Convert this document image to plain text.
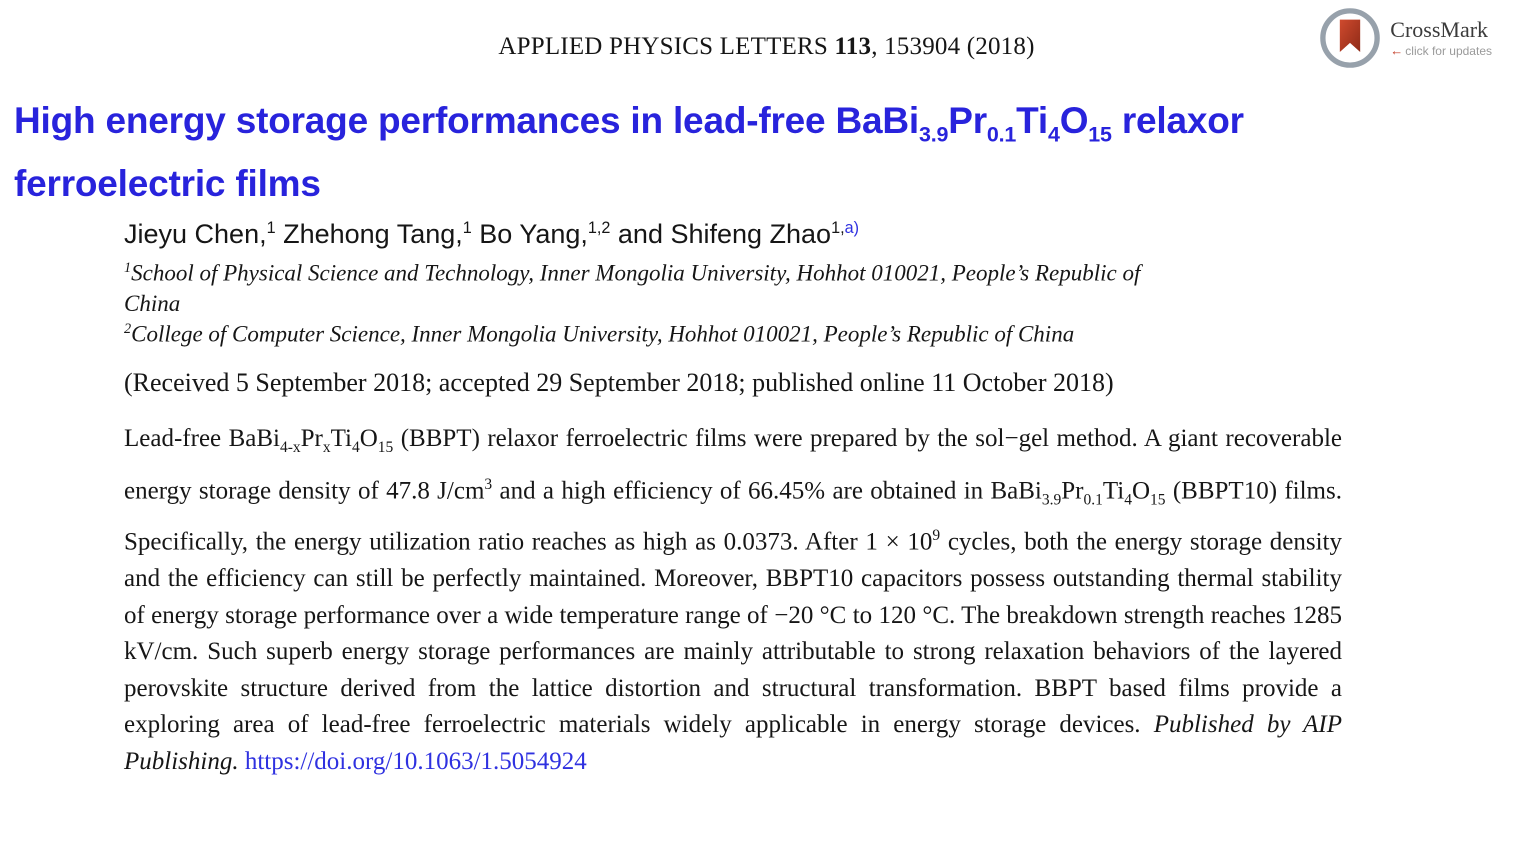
APPLIED PHYSICS LETTERS 113, 153904 (2018)
CrossMark
← click for updates
High energy storage performances in lead-free $BaBi_{3.9}Pr_{0.1}Ti_4O_{15}$ relaxor
ferroelectric films

Jieyu Chen,$^1$ Zhehong Tang,$^1$ Bo Yang,$^{1,2}$ and Shifeng Zhao$^{1,a)}$

$^1$School of Physical Science and Technology, Inner Mongolia University, Hohhot 010021, People’s Republic of
China

$^2$College of Computer Science, Inner Mongolia University, Hohhot 010021, People’s Republic of China

(Received 5 September 2018; accepted 29 September 2018; published online 11 October 2018)

Lead-free $BaBi_{4-x}Pr_xTi_4O_{15}$ (BBPT) relaxor ferroelectric films were prepared by the sol−gel method. A giant recoverable energy storage density of 47.8 $J/cm^3$ and a high efficiency of 66.45% are obtained in $BaBi_{3.9}Pr_{0.1}Ti_4O_{15}$ (BBPT10) films. Specifically, the energy utilization ratio reaches as high as 0.0373. After $1 \times 10^9$ cycles, both the energy storage density and the efficiency can still be perfectly maintained. Moreover, BBPT10 capacitors possess outstanding thermal stability of energy storage performance over a wide temperature range of −20 °C to 120 °C. The breakdown strength reaches 1285 kV/cm. Such superb energy storage performances are mainly attributable to strong relaxation behaviors of the layered perovskite structure derived from the lattice distortion and structural transformation. BBPT based films provide a exploring area of lead-free ferroelectric materials widely applicable in energy storage devices. Published by AIP Publishing. https://doi.org/10.1063/1.5054924
